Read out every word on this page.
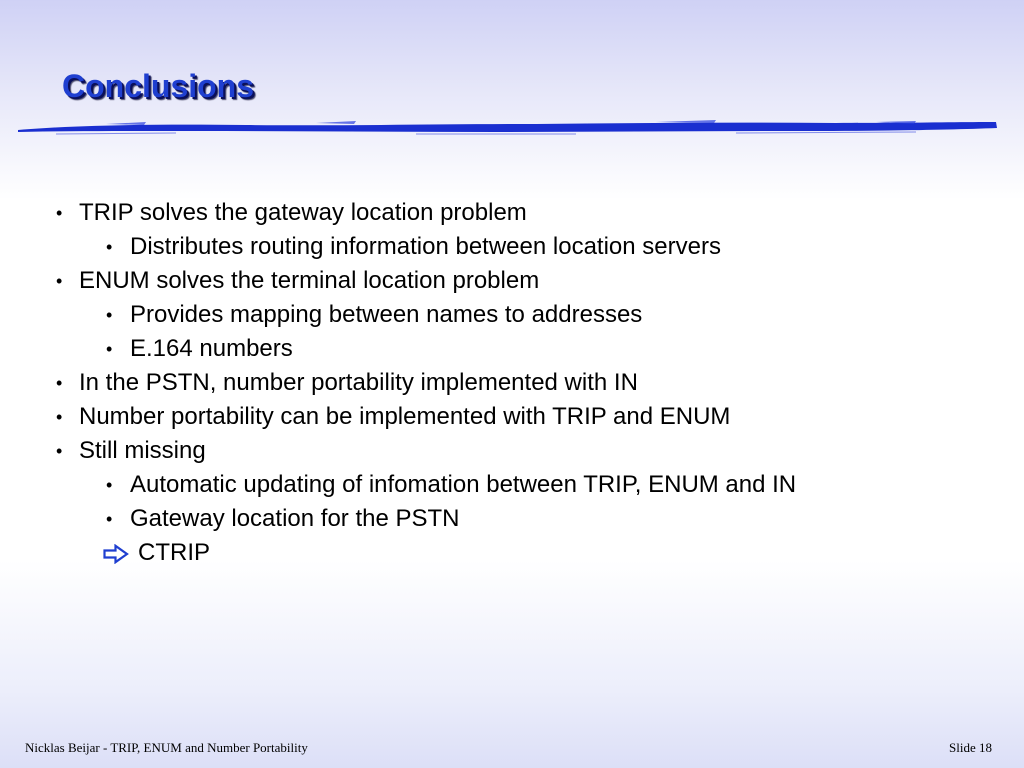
Conclusions
• TRIP solves the gateway location problem
• Distributes routing information between location servers
• ENUM solves the terminal location problem
• Provides mapping between names to addresses
• E.164 numbers
• In the PSTN, number portability implemented with IN
• Number portability can be implemented with TRIP and ENUM
• Still missing
• Automatic updating of infomation between TRIP, ENUM and IN
• Gateway location for the PSTN
CTRIP
Nicklas Beijar - TRIP, ENUM and Number Portability	Slide 18
